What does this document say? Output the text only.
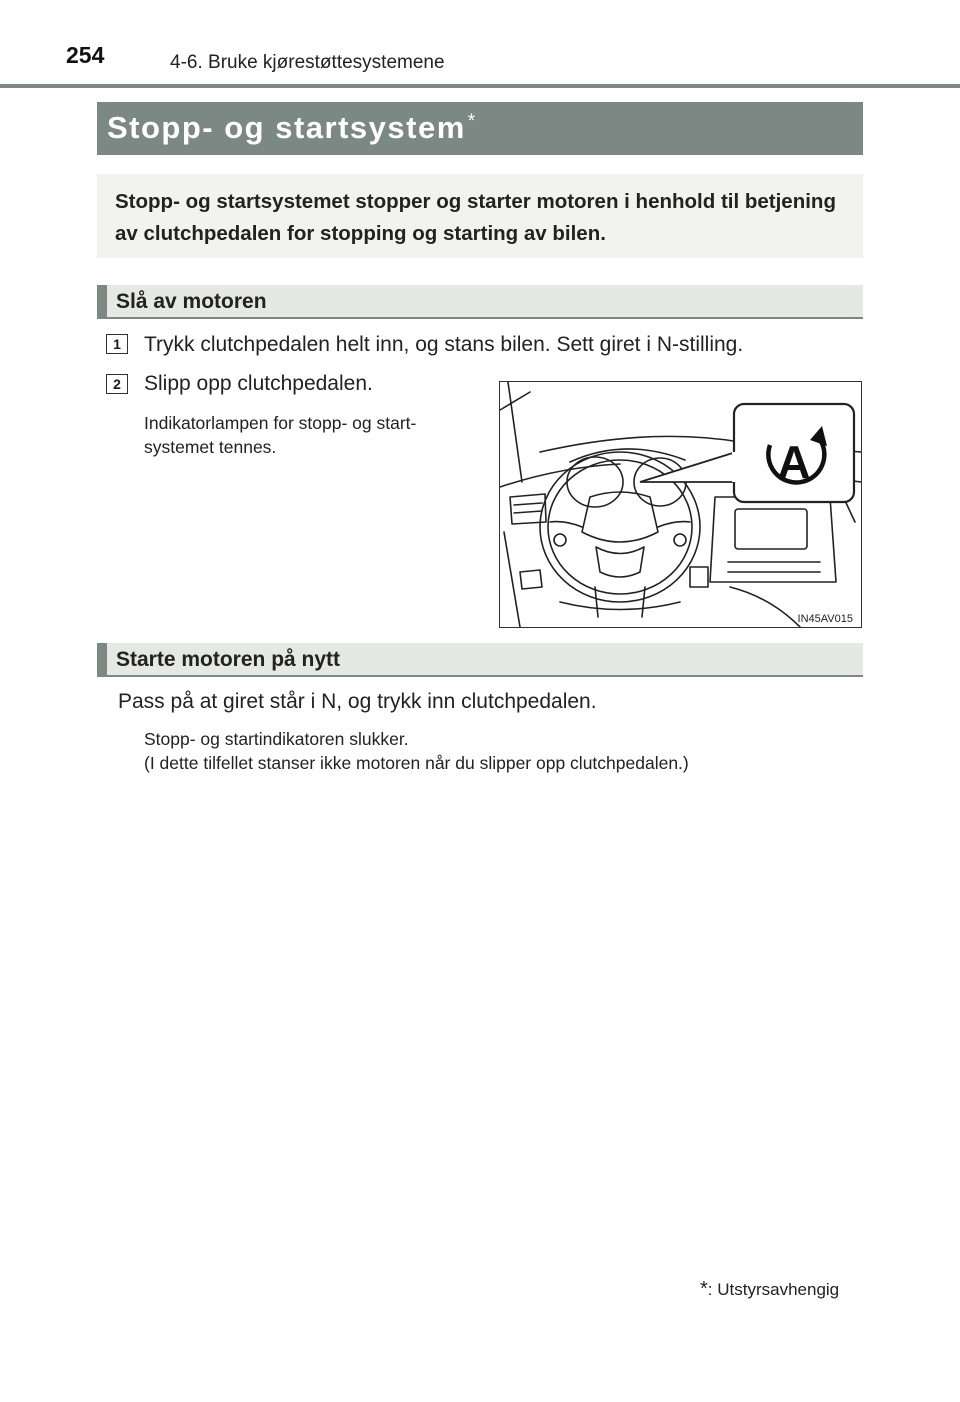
254	4-6. Bruke kjørestøttesystemene
Stopp- og startsystem *
Stopp- og startsystemet stopper og starter motoren i henhold til betjening av clutchpedalen for stopping og starting av bilen.
Slå av motoren
1	Trykk clutchpedalen helt inn, og stans bilen. Sett giret i N-stilling.
2	Slipp opp clutchpedalen.
Indikatorlampen for stopp- og start-
systemet tennes.	A
IN45AV015
Starte motoren på nytt
Pass på at giret står i N, og trykk inn clutchpedalen.
Stopp- og startindikatoren slukker.
(I dette tilfellet stanser ikke motoren når du slipper opp clutchpedalen.)
*: Utstyrsavhengig
